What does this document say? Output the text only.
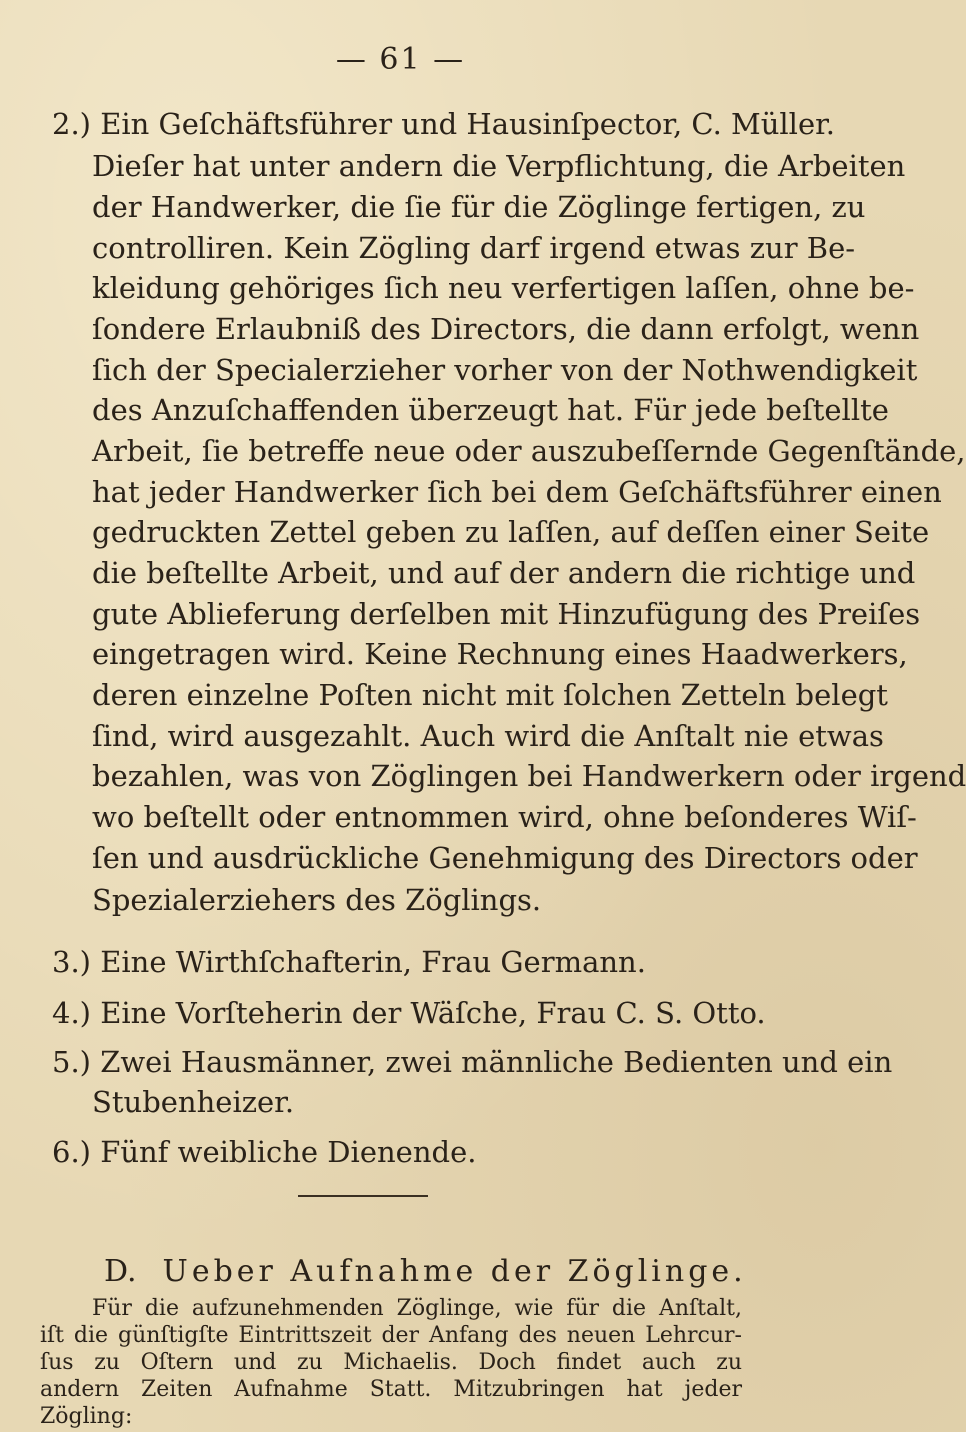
— 61 —
2.) Ein Geſchäftsführer und Hausinſpector, C. Müller.
Dieſer hat unter andern die Verpflichtung, die Arbeiten
der Handwerker, die ſie für die Zöglinge fertigen, zu
controlliren. Kein Zögling darf irgend etwas zur Be-
kleidung gehöriges ſich neu verfertigen laſſen, ohne be-
ſondere Erlaubniß des Directors, die dann erfolgt, wenn
ſich der Specialerzieher vorher von der Nothwendigkeit
des Anzuſchaffenden überzeugt hat. Für jede beſtellte
Arbeit, ſie betreffe neue oder auszubeſſernde Gegenſtände,
hat jeder Handwerker ſich bei dem Geſchäftsführer einen
gedruckten Zettel geben zu laſſen, auf deſſen einer Seite
die beſtellte Arbeit, und auf der andern die richtige und
gute Ablieferung derſelben mit Hinzufügung des Preiſes
eingetragen wird. Keine Rechnung eines Haadwerkers,
deren einzelne Poſten nicht mit ſolchen Zetteln belegt
ſind, wird ausgezahlt. Auch wird die Anſtalt nie etwas
bezahlen, was von Zöglingen bei Handwerkern oder irgend
wo beſtellt oder entnommen wird, ohne beſonderes Wiſ-
ſen und ausdrückliche Genehmigung des Directors oder
Spezialerziehers des Zöglings.
3.) Eine Wirthſchafterin, Frau Germann.
4.) Eine Vorſteherin der Wäſche, Frau C. S. Otto.
5.) Zwei Hausmänner, zwei männliche Bedienten und ein
Stubenheizer.
6.) Fünf weibliche Dienende.
D. Ueber Aufnahme der Zöglinge.
Für die aufzunehmenden Zöglinge, wie für die Anſtalt,
iſt die günſtigſte Eintrittszeit der Anfang des neuen Lehrcur-
ſus zu Oſtern und zu Michaelis. Doch findet auch zu
andern Zeiten Aufnahme Statt. Mitzubringen hat jeder
Zögling:
